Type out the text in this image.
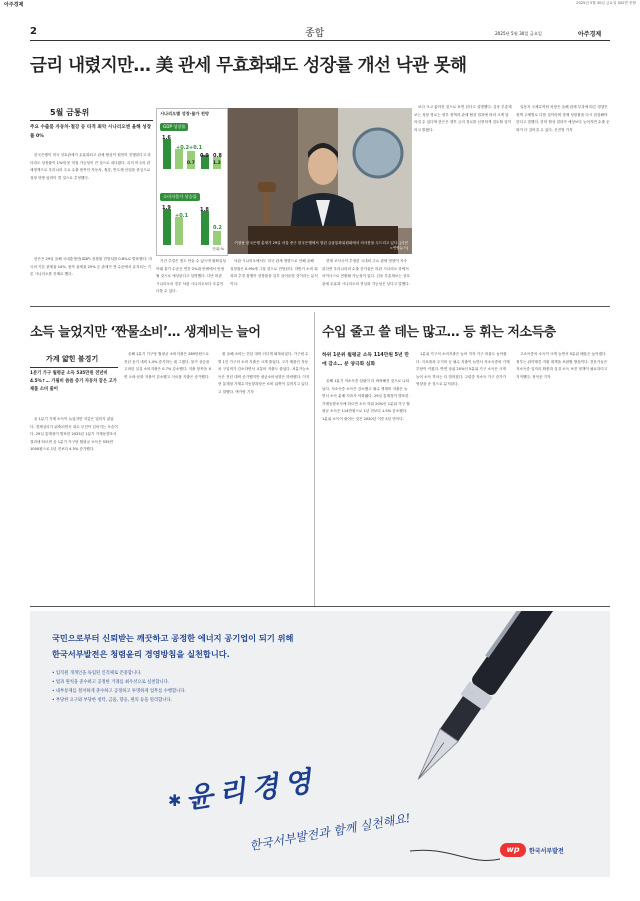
아주경제	2025년 5월 30일 금요일 002면 종합
2	종합	2025년 5월 30일 금요일	아주경제
금리 내렸지만… 美 관세 무효화돼도 성장률 개선 낙관 못해
5월 금통위
주요 수출품 자동차·철강 등 타격 최악 시나리오엔 올해 성장률 0%

한국은행이 미국 상호관세가 무효화되고 관세 협상이 원만히 진행된다고 하더라도 성장률이 1%에 못 미칠 가능성이 큰 것으로 내다봤다. 특히 미국의 관세정책으로 우리나라 주요 수출 품목인 자동차, 철강, 반도체 산업을 중심으로 성장 하방 압력이 클 것으로 추정했다.

한은은 29일 올해 국내총생산(GDP) 성장률 전망치를 0.8%로 발표했다. 미국의 기본 관세율 10%, 품목 관세율 25% 등 관세가 현 수준에서 유지되는 기본 시나리오를 전제로 했다.

시나리오별 성장·물가 전망
GDP 성장률
1.6
+0.2 +0.1
0.9 0.8
0.7	1.2
소비자물가 상승률
1.9
+0.1
1.8
0.2
단위:%
이창용 한국은행 총재가 29일 서울 중구 한국은행에서 열린 금융통화위원회에서 의사봉을 두드리고 있다. [사진=연합뉴스]

보다 크고 좋아진 것으로 보면 된다고 설명했다. 김웅 부총재보는 성장 경로는 정부 정책과 관세 협상 결과에 따라 크게 달라질 수 있다며 한은은 향후 금리 경로를 신중하게 검토할 것이라고 밝혔다.

일동지 국제무역팀 차장은 올해 관세 부과에 따른 영향은 정책 주체별로 다를 것이라며 경제 성장률을 다시 점검해야 한다고 말했다. 한미 협상 결과가 예상보다 늦어지면 수출 둔화가 더 길어질 수 있다. 신진영 기자

기간 추경은 정도 만들 수 있으며 불확실성 아래 물가 수준은 연간 2%대 안팎에서 안정될 것으로 예상된다고 설명했다. 다만 비관 시나리오의 경우 낙관 시나리오보다 흐름이 다를 수 있다.

낙관 시나리오에서도 미국 관세 영향으로 인해 올해 성장률은 0.9%에 그칠 것으로 전망된다. 하반기 소비 회복과 추경 집행이 성장률을 일부 끌어올릴 것이라는 분석이다.

현재 조사국이 추정한 국내외 주요 관세 영향이 지속된다면 우리나라의 수출 증가율은 비관 시나리오 하에서 마이너스로 전환될 가능성이 있다. 김웅 부총재보는 상호관세 무효화 시나리오의 현실화 가능성은 낮다고 말했다.

소득 늘었지만 ‘짠물소비’… 생계비는 늘어	수입 줄고 쓸 데는 많고… 등 휘는 저소득층
가계 얇힌 불경기
1분기 가구 월평균 소득 535만원 전년비 4.5%↑… 가필비 씀씀 증가 자동차 같은 고가 제품 소비 줄어

올 1분기 가계 소득이 늘었지만 지갑은 열리지 않았다. 경제심리가 위축되면서 내수 부진이 길어지는 모습이다. 29일 통계청이 발표한 2025년 1분기 가계동향조사 결과에 따르면 올 1분기 가구당 월평균 소득은 535만 1000원으로 1년 전보다 4.5% 증가했다.

올해 1분기 가구당 월평균 소비지출은 289만원으로 전년 동기 대비 1.4% 증가하는 데 그쳤다. 물가 상승을 고려한 실질 소비지출은 0.7% 감소했다. 지출 항목을 보면 오락·문화 지출이 감소했고 식료품 지출은 증가했다.

원 올해 소비는 전년 대비 더디게 회복되었다. 가구원 수별 1인 가구의 소비 지출은 크게 줄었다. 고가 제품인 자동차 구입비가 감소하면서 교통비 지출도 줄었다. 처분가능소득은 전년 대비 증가했지만 평균소비성향은 하락했다. 이지현 통계청 가계수지동향과장은 소비 위축이 길어지고 있다고 말했다. 박가람 기자

하위 1분위 월평균 소득 114만원 5년 만에 감소… 분 양극화 심화

올해 1분기 저소득층 살림이 더 팍팍해진 것으로 나타났다. 저소득층 소득은 감소했고 필수 생계비 지출은 늘면서 소득 분배 지표가 악화됐다. 29일 통계청이 발표한 가계동향조사에 따르면 소득 하위 20%인 1분위 가구 월평균 소득은 114만원으로 1년 전보다 1.5% 감소했다. 1분위 소득이 줄어든 것은 2020년 이후 5년 만이다.

1분위 가구의 소비지출은 늘어 적자 가구 비율도 높아졌다. 식료품과 주거비 등 필수 지출이 늘면서 저소득층의 가계 부담이 커졌다. 반면 상위 20%인 5분위 가구 소득은 크게 늘어 소득 격차는 더 벌어졌다. 고령층 저소득 가구 증가가 영향을 준 것으로 분석된다.

고소득층의 소득이 크게 늘면서 5분위 배율은 높아졌다. 정부는 취약계층 지원 대책을 보완할 방침이다. 전문가들은 저소득층 일자리 확충과 실질 소득 보전 정책이 필요하다고 지적했다. 정석준 기자

국민으로부터 신뢰받는 깨끗하고 공정한 에너지 공기업이 되기 위해
한국서부발전은 청렴윤리 경영방침을 실천합니다.
• 임직원 개개인을 독립된 인격체로 존중합니다.
• 법과 원칙을 준수하고 공정한 거래를 최우선으로 실천합니다.
• 내부통제를 철저하게 준수하고 공정하고 투명하게 업무를 수행합니다.
• 부당한 요구와 부당한 청탁, 금품, 향응, 편의 등을 멀리합니다.
윤리경영
✱
한국서부발전과 함께 실천해요!	wp	한국서부발전
